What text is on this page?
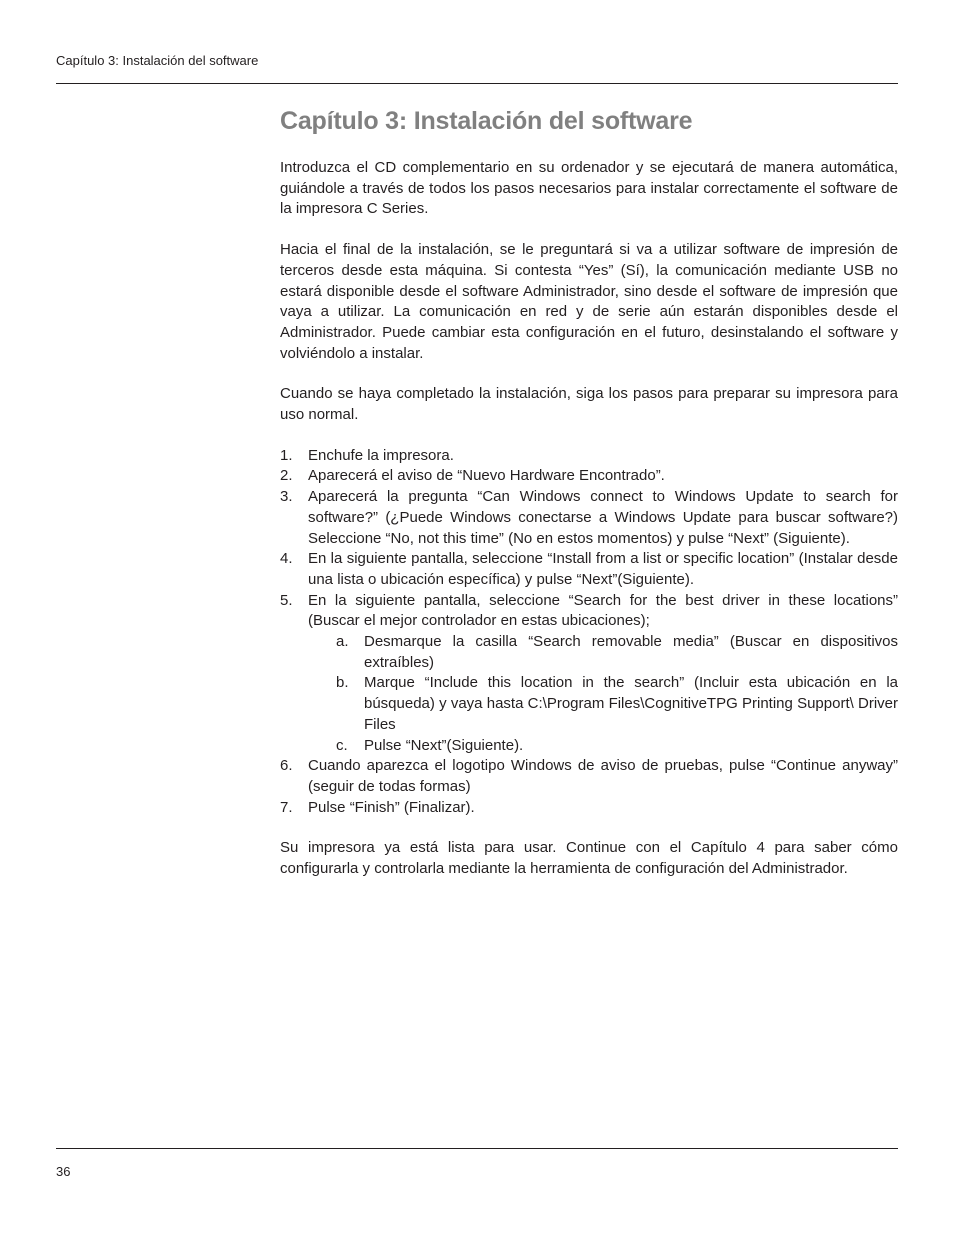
Capítulo 3: Instalación del software
Capítulo 3: Instalación del software

Introduzca el CD complementario en su ordenador y se ejecutará de manera automática, guiándole a través de todos los pasos necesarios para instalar correctamente el software de la impresora C Series.

Hacia el final de la instalación, se le preguntará si va a utilizar software de impresión de terceros desde esta máquina. Si contesta “Yes” (Sí), la comunicación mediante USB no estará disponible desde el software Administrador, sino desde el software de impresión que vaya a utilizar. La comunicación en red y de serie aún estarán disponibles desde el Administrador. Puede cambiar esta configuración en el futuro, desinstalando el software y volviéndolo a instalar.

Cuando se haya completado la instalación, siga los pasos para preparar su impresora para uso normal.

1. Enchufe la impresora.
2. Aparecerá el aviso de “Nuevo Hardware Encontrado”.
3. Aparecerá la pregunta “Can Windows connect to Windows Update to search for software?” (¿Puede Windows conectarse a Windows Update para buscar software?) Seleccione “No, not this time” (No en estos momentos) y pulse “Next” (Siguiente).
4. En la siguiente pantalla, seleccione “Install from a list or specific location” (Instalar desde una lista o ubicación específica) y pulse “Next”(Siguiente).
5. En la siguiente pantalla, seleccione “Search for the best driver in these locations” (Buscar el mejor controlador en estas ubicaciones);
a. Desmarque la casilla “Search removable media” (Buscar en dispositivos extraíbles)
b. Marque “Include this location in the search” (Incluir esta ubicación en la búsqueda) y vaya hasta C:\Program Files\CognitiveTPG Printing Support\ Driver Files
c. Pulse “Next”(Siguiente).
6. Cuando aparezca el logotipo Windows de aviso de pruebas, pulse “Continue anyway” (seguir de todas formas)
7. Pulse “Finish” (Finalizar).

Su impresora ya está lista para usar. Continue con el Capítulo 4 para saber cómo configurarla y controlarla mediante la herramienta de configuración del Administrador.

36
